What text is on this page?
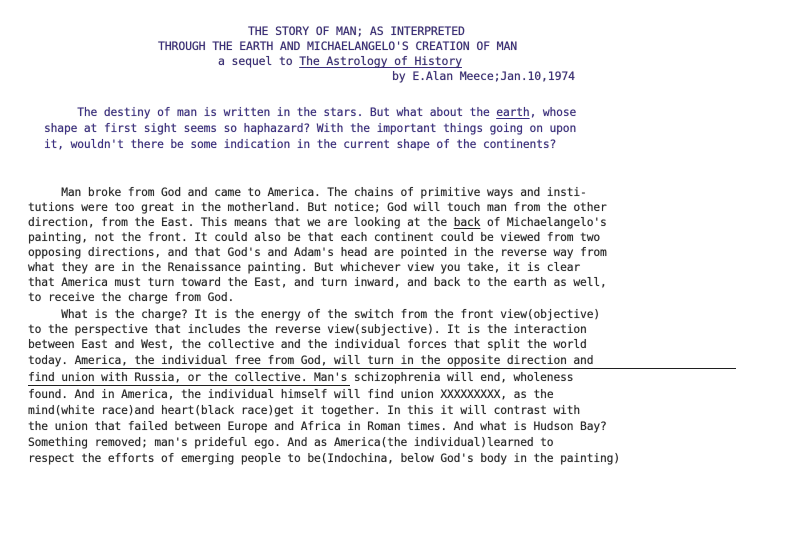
THE STORY OF MAN; AS INTERPRETED
THROUGH THE EARTH AND MICHAELANGELO'S CREATION OF MAN
a sequel to The Astrology of History
by E.Alan Meece;Jan.10,1974
The destiny of man is written in the stars. But what about the earth, whose
shape at first sight seems so haphazard? With the important things going on upon
it, wouldn't there be some indication in the current shape of the continents?
Man broke from God and came to America. The chains of primitive ways and insti-
tutions were too great in the motherland. But notice; God will touch man from the other
direction, from the East. This means that we are looking at the back of Michaelangelo's
painting, not the front. It could also be that each continent could be viewed from two
opposing directions, and that God's and Adam's head are pointed in the reverse way from
what they are in the Renaissance painting. But whichever view you take, it is clear
that America must turn toward the East, and turn inward, and back to the earth as well,
to receive the charge from God.
What is the charge? It is the energy of the switch from the front view(objective)
to the perspective that includes the reverse view(subjective). It is the interaction
between East and West, the collective and the individual forces that split the world
today. America, the individual free from God, will turn in the opposite direction and
find union with Russia, or the collective. Man's schizophrenia will end, wholeness
found. And in America, the individual himself will find union XXXXXXXXX, as the
mind(white race)and heart(black race)get it together. In this it will contrast with
the union that failed between Europe and Africa in Roman times. And what is Hudson Bay?
Something removed; man's prideful ego. And as America(the individual)learned to
respect the efforts of emerging people to be(Indochina, below God's body in the painting)
